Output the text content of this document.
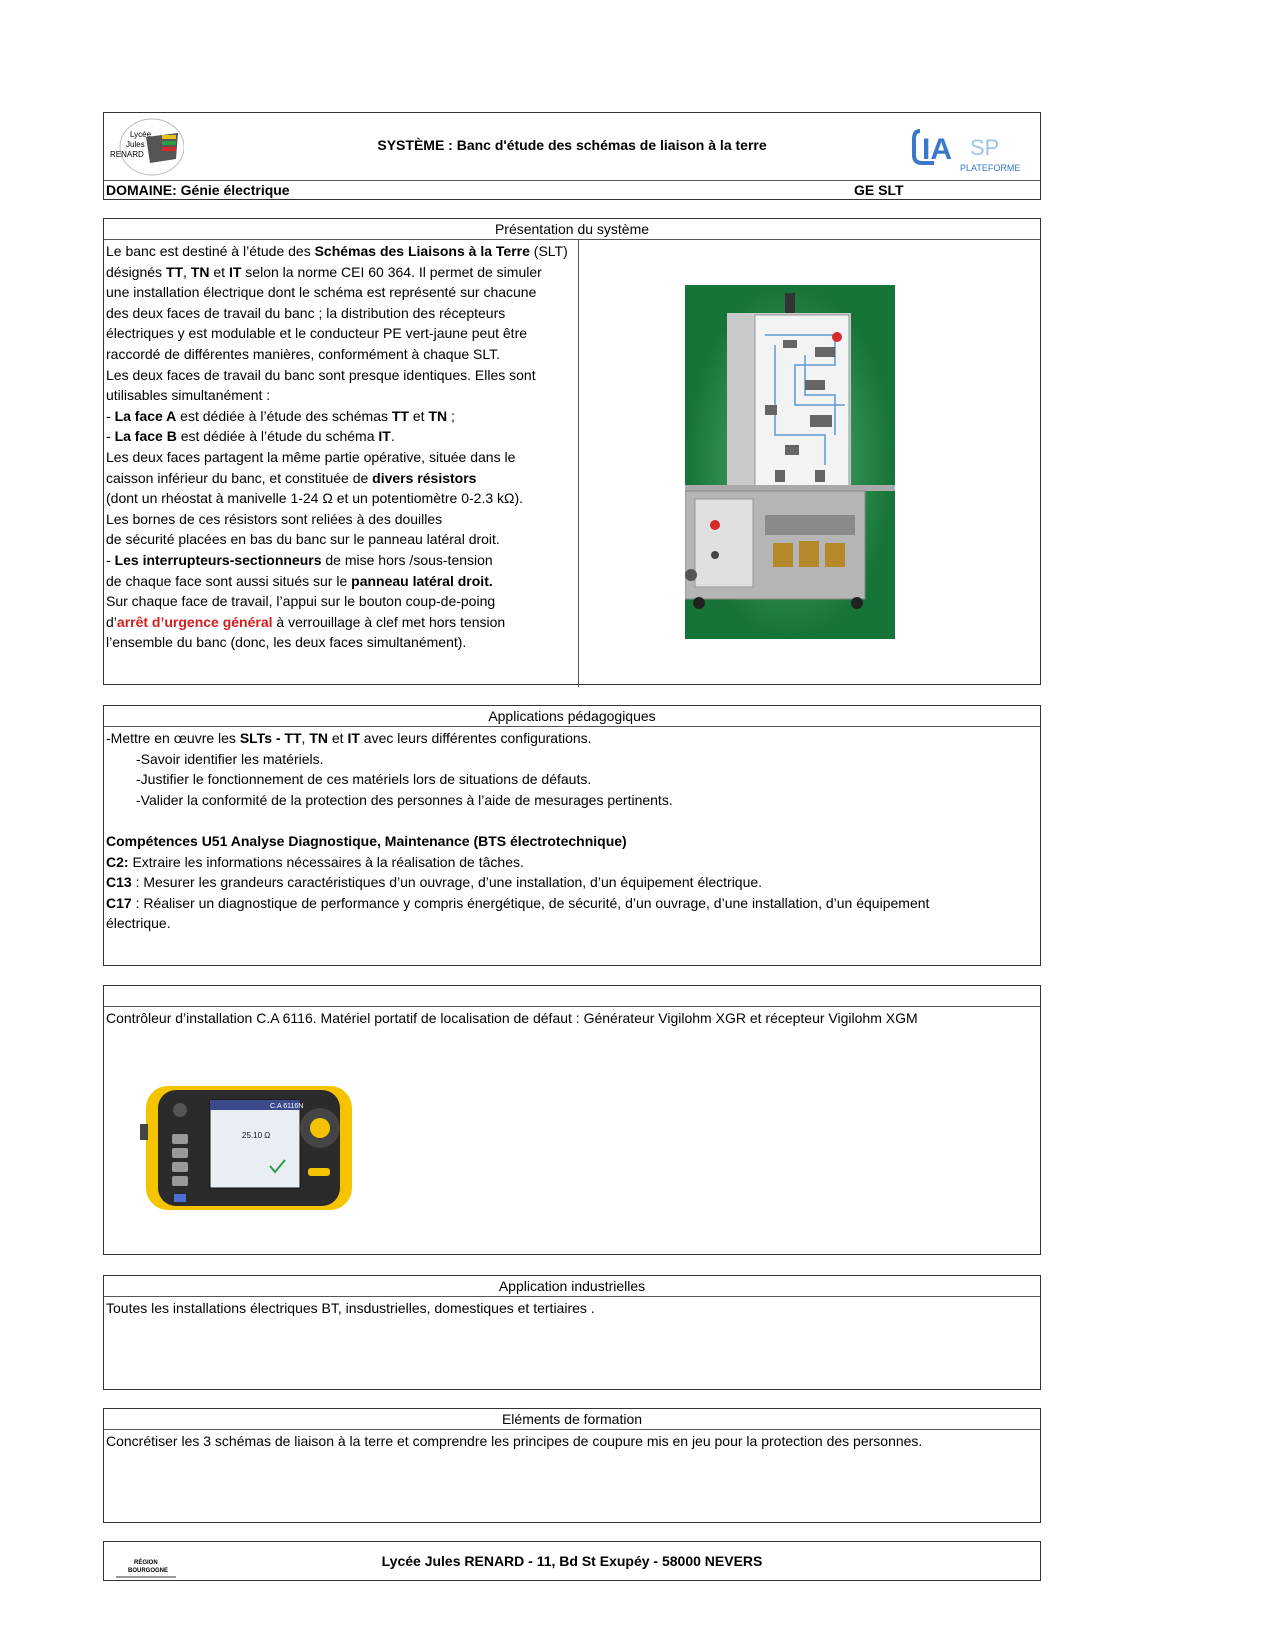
Lycée
Jules
RENARD
SYSTÈME : Banc d'étude des schémas de liaison à la terre	IA SP
PLATEFORME
DOMAINE: Génie électrique	GE SLT
Présentation du système
Le banc est destiné à l’étude des Schémas des Liaisons à la Terre (SLT)
désignés TT, TN et IT selon la norme CEI 60 364. Il permet de simuler
une installation électrique dont le schéma est représenté sur chacune
des deux faces de travail du banc ; la distribution des récepteurs
électriques y est modulable et le conducteur PE vert-jaune peut être
raccordé de différentes manières, conformément à chaque SLT.
Les deux faces de travail du banc sont presque identiques. Elles sont
utilisables simultanément :
- La face A est dédiée à l’étude des schémas TT et TN ;
- La face B est dédiée à l’étude du schéma IT.
Les deux faces partagent la même partie opérative, située dans le
caisson inférieur du banc, et constituée de divers résistors
(dont un rhéostat à manivelle 1-24 Ω et un potentiomètre 0-2.3 kΩ).
Les bornes de ces résistors sont reliées à des douilles
de sécurité placées en bas du banc sur le panneau latéral droit.
- Les interrupteurs-sectionneurs de mise hors /sous-tension
de chaque face sont aussi situés sur le panneau latéral droit.
Sur chaque face de travail, l’appui sur le bouton coup-de-poing
d’arrêt d’urgence général à verrouillage à clef met hors tension
l’ensemble du banc (donc, les deux faces simultanément).
Applications pédagogiques
-Mettre en œuvre les SLTs - TT, TN et IT avec leurs différentes configurations.
-Savoir identifier les matériels.
-Justifier le fonctionnement de ces matériels lors de situations de défauts.
-Valider la conformité de la protection des personnes à l’aide de mesurages pertinents.
Compétences U51 Analyse Diagnostique, Maintenance (BTS électrotechnique)
C2: Extraire les informations nécessaires à la réalisation de tâches.
C13 : Mesurer les grandeurs caractéristiques d’un ouvrage, d’une installation, d’un équipement électrique.
C17 : Réaliser un diagnostique de performance y compris énergétique, de sécurité, d’un ouvrage, d’une installation, d’un équipement
électrique.
Contrôleur d’installation C.A 6116. Matériel portatif de localisation de défaut : Générateur Vigilohm XGR et récepteur Vigilohm XGM
C.A 6116N
25.10 Ω
Application industrielles
Toutes les installations électriques BT, insdustrielles, domestiques et tertiaires .
Eléments de formation
Concrétiser les 3 schémas de liaison à la terre et comprendre les principes de coupure mis en jeu pour la protection des personnes.
RÉGION
BOURGOGNE
Lycée Jules RENARD - 11, Bd St Exupéy - 58000 NEVERS
